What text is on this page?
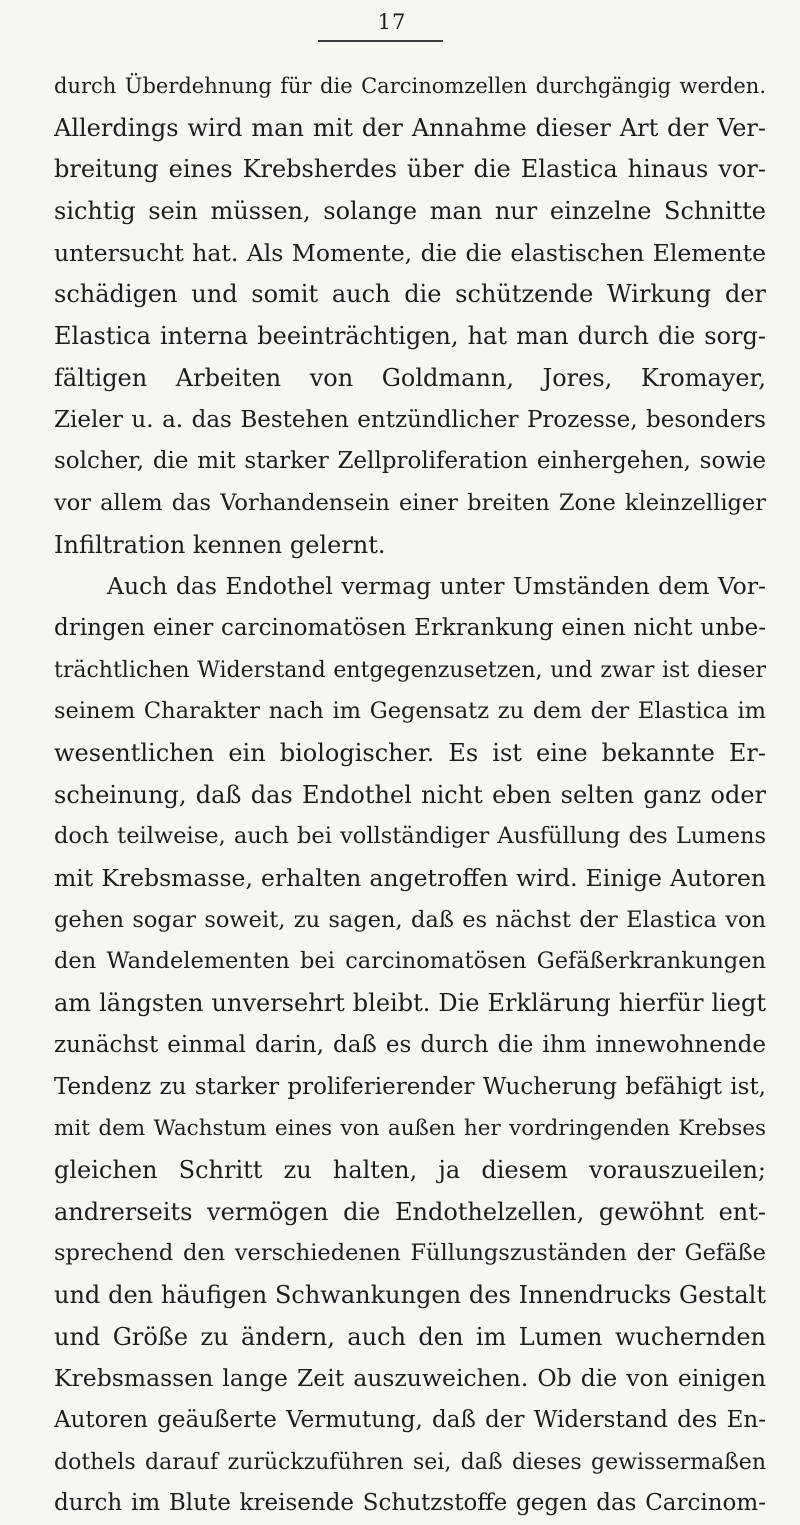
17
durch Überdehnung für die Carcinomzellen durchgängig werden.
Allerdings wird man mit der Annahme dieser Art der Ver-
breitung eines Krebsherdes über die Elastica hinaus vor-
sichtig sein müssen, solange man nur einzelne Schnitte
untersucht hat. Als Momente, die die elastischen Elemente
schädigen und somit auch die schützende Wirkung der
Elastica interna beeinträchtigen, hat man durch die sorg-
fältigen Arbeiten von Goldmann, Jores, Kromayer,
Zieler u. a. das Bestehen entzündlicher Prozesse, besonders
solcher, die mit starker Zellproliferation einhergehen, sowie
vor allem das Vorhandensein einer breiten Zone kleinzelliger
Infiltration kennen gelernt.
Auch das Endothel vermag unter Umständen dem Vor-
dringen einer carcinomatösen Erkrankung einen nicht unbe-
trächtlichen Widerstand entgegenzusetzen, und zwar ist dieser
seinem Charakter nach im Gegensatz zu dem der Elastica im
wesentlichen ein biologischer. Es ist eine bekannte Er-
scheinung, daß das Endothel nicht eben selten ganz oder
doch teilweise, auch bei vollständiger Ausfüllung des Lumens
mit Krebsmasse, erhalten angetroffen wird. Einige Autoren
gehen sogar soweit, zu sagen, daß es nächst der Elastica von
den Wandelementen bei carcinomatösen Gefäßerkrankungen
am längsten unversehrt bleibt. Die Erklärung hierfür liegt
zunächst einmal darin, daß es durch die ihm innewohnende
Tendenz zu starker proliferierender Wucherung befähigt ist,
mit dem Wachstum eines von außen her vordringenden Krebses
gleichen Schritt zu halten, ja diesem vorauszueilen;
andrerseits vermögen die Endothelzellen, gewöhnt ent-
sprechend den verschiedenen Füllungszuständen der Gefäße
und den häufigen Schwankungen des Innendrucks Gestalt
und Größe zu ändern, auch den im Lumen wuchernden
Krebsmassen lange Zeit auszuweichen. Ob die von einigen
Autoren geäußerte Vermutung, daß der Widerstand des En-
dothels darauf zurückzuführen sei, daß dieses gewissermaßen
durch im Blute kreisende Schutzstoffe gegen das Carcinom-
